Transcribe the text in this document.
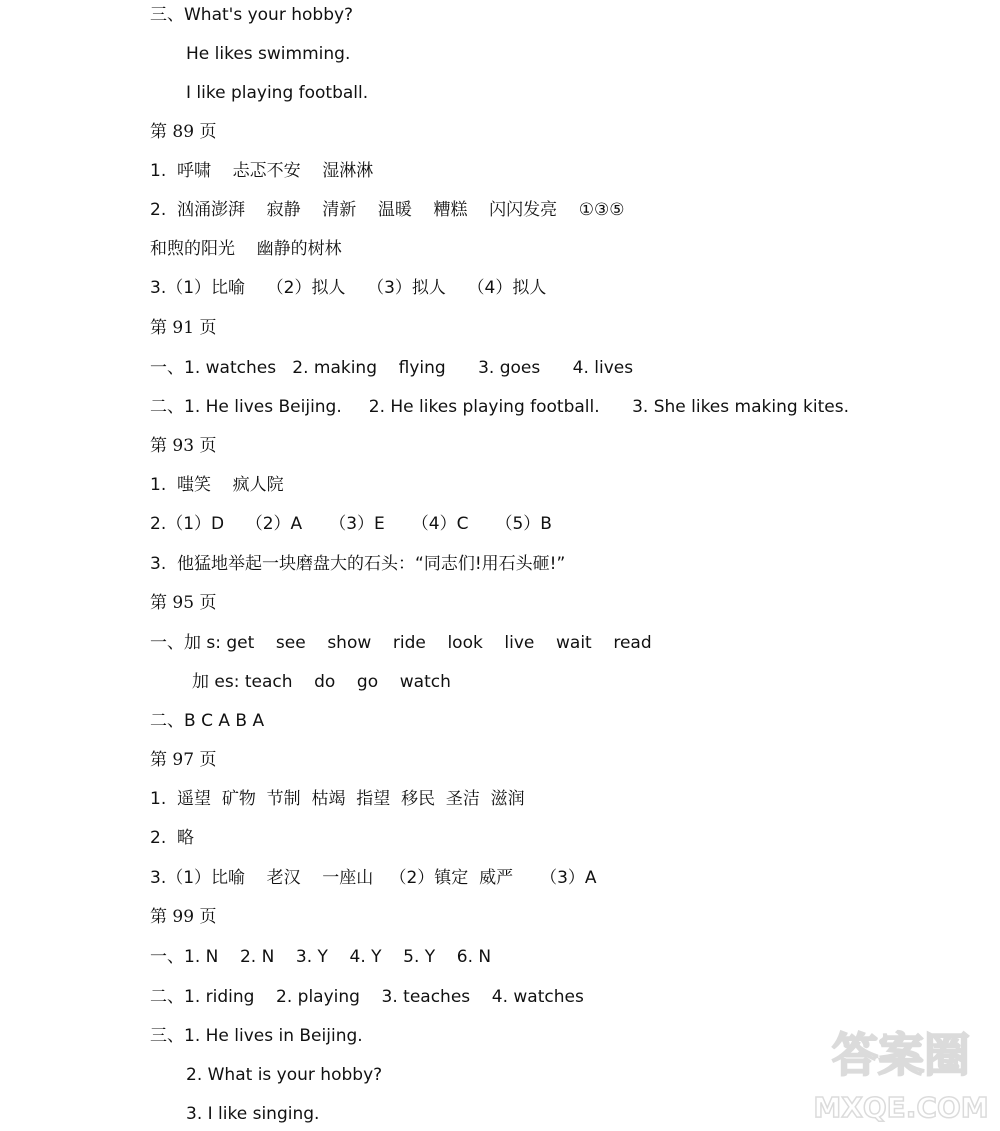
三、What's your hobby?
He likes swimming.
I like playing football.
第 89 页
1.  呼啸    忐忑不安    湿淋淋
2.  汹涌澎湃    寂静    清新    温暖    糟糕    闪闪发亮    ①③⑤
和煦的阳光    幽静的树林
3.（1）比喻    （2）拟人    （3）拟人    （4）拟人
第 91 页
一、1. watches   2. making    flying      3. goes      4. lives
二、1. He lives Beijing.     2. He likes playing football.      3. She likes making kites.
第 93 页
1.  嗤笑    疯人院
2.（1）D    （2）A     （3）E     （4）C     （5）B
3.  他猛地举起一块磨盘大的石头：“同志们!用石头砸!”
第 95 页
一、加 s: get    see    show    ride    look    live    wait    read
加 es: teach    do    go    watch
二、B C A B A
第 97 页
1.  遥望  矿物  节制  枯竭  指望  移民  圣洁  滋润
2.  略
3.（1）比喻    老汉    一座山   （2）镇定  威严     （3）A
第 99 页
一、1. N    2. N    3. Y    4. Y    5. Y    6. N
二、1. riding    2. playing    3. teaches    4. watches
三、1. He lives in Beijing.
2. What is your hobby?
3. I like singing.
答案圈
MXQE.COM
